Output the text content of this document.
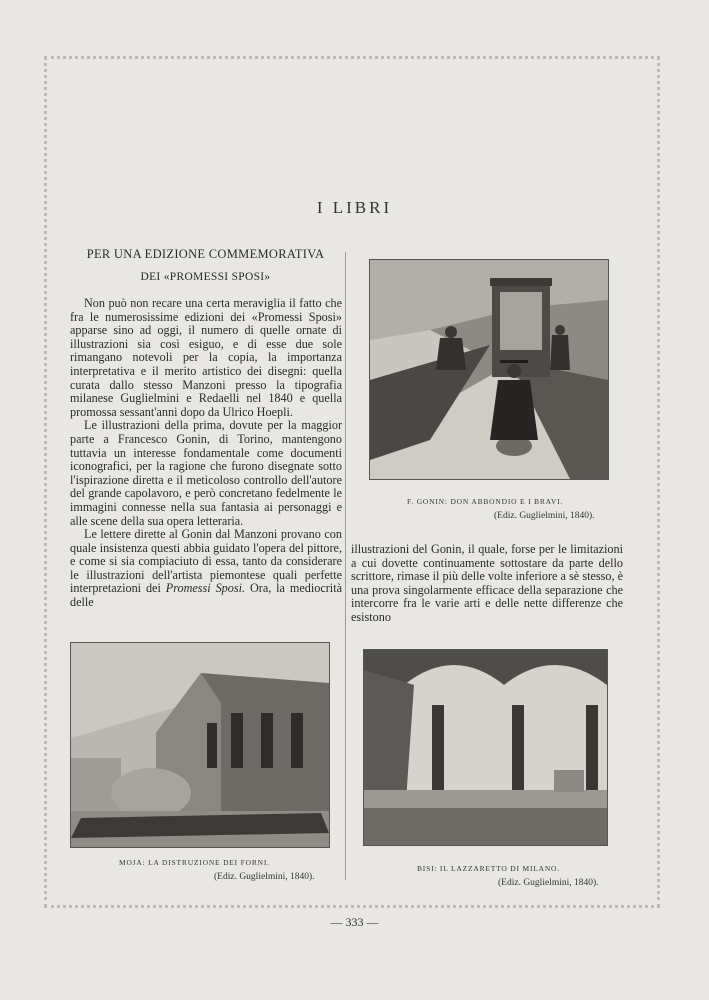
I LIBRI
PER UNA EDIZIONE COMMEMORATIVA
DEI «PROMESSI SPOSI»

Non può non recare una certa meraviglia il fatto che fra le numerosissime edizioni dei «Promessi Sposi» apparse sino ad oggi, il numero di quelle ornate di illustrazioni sia così esiguo, e di esse due sole rimangano notevoli per la copia, la importanza interpretativa e il merito artistico dei disegni: quella curata dallo stesso Manzoni presso la tipografia milanese Guglielmini e Redaelli nel 1840 e quella promossa sessant'anni dopo da Ulrico Hoepli.

Le illustrazioni della prima, dovute per la maggior parte a Francesco Gonin, di Torino, mantengono tuttavia un interesse fondamentale come documenti iconografici, per la ragione che furono disegnate sotto l'ispirazione diretta e il meticoloso controllo dell'autore del grande capolavoro, e però concretano fedelmente le immagini connesse nella sua fantasia ai personaggi e alle scene della sua opera letteraria.

Le lettere dirette al Gonin dal Manzoni provano con quale insistenza questi abbia guidato l'opera del pittore, e come si sia compiaciuto di essa, tanto da considerare le illustrazioni dell'artista piemontese quali perfette interpretazioni dei Promessi Sposi. Ora, la mediocrità delle

F. GONIN: DON ABBONDIO E I BRAVI.
(Ediz. Guglielmini, 1840).

illustrazioni del Gonin, il quale, forse per le limitazioni a cui dovette continuamente sottostare da parte dello scrittore, rimase il più delle volte inferiore a sè stesso, è una prova singolarmente efficace della separazione che intercorre fra le varie arti e delle nette differenze che esistono

MOJA: LA DISTRUZIONE DEI FORNI.
(Ediz. Guglielmini, 1840).
BISI: IL LAZZARETTO DI MILANO.
(Ediz. Guglielmini, 1840).
— 333 —
